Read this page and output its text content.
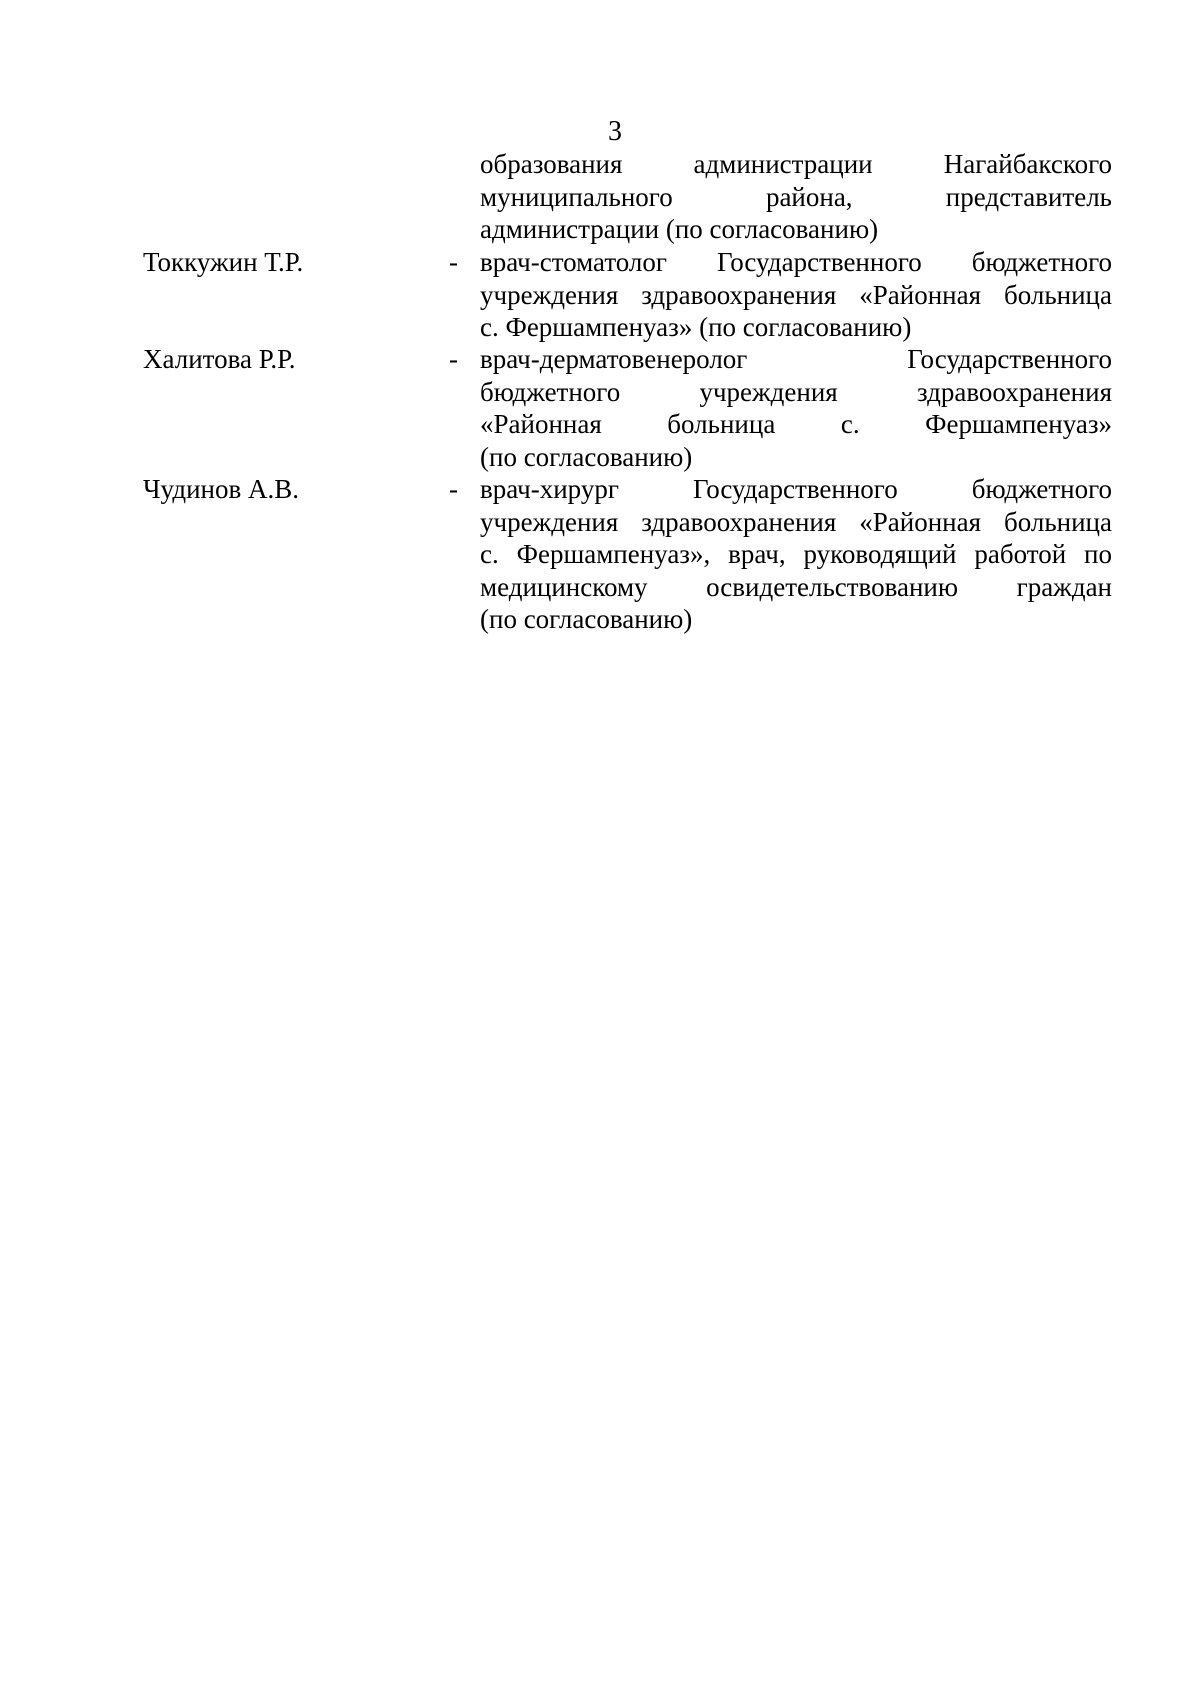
3
образования администрации Нагайбакского
муниципального района, представитель
администрации (по согласованию)
Токкужин Т.Р.	- врач-стоматолог Государственного бюджетного
учреждения здравоохранения «Районная больница
с. Фершампенуаз» (по согласованию)
Халитова Р.Р.	- врач-дерматовенеролог Государственного
бюджетного учреждения здравоохранения
«Районная больница с. Фершампенуаз»
(по согласованию)
Чудинов А.В.	- врач-хирург Государственного бюджетного
учреждения здравоохранения «Районная больница
с. Фершампенуаз», врач, руководящий работой по
медицинскому освидетельствованию граждан
(по согласованию)
